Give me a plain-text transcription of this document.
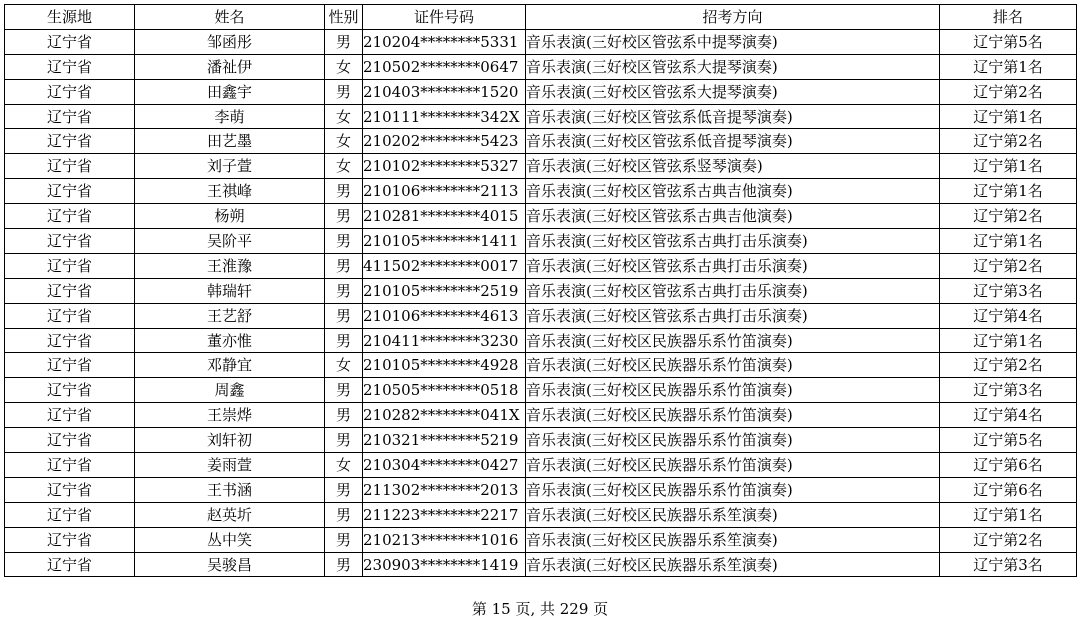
生源地	姓名	性别	证件号码	招考方向	排名
辽宁省	邹函彤	男	210204********5331	音乐表演(三好校区管弦系中提琴演奏)	辽宁第5名
辽宁省	潘祉伊	女	210502********0647	音乐表演(三好校区管弦系大提琴演奏)	辽宁第1名
辽宁省	田鑫宇	男	210403********1520	音乐表演(三好校区管弦系大提琴演奏)	辽宁第2名
辽宁省	李萌	女	210111********342X	音乐表演(三好校区管弦系低音提琴演奏)	辽宁第1名
辽宁省	田艺墨	女	210202********5423	音乐表演(三好校区管弦系低音提琴演奏)	辽宁第2名
辽宁省	刘子萱	女	210102********5327	音乐表演(三好校区管弦系竖琴演奏)	辽宁第1名
辽宁省	王祺峰	男	210106********2113	音乐表演(三好校区管弦系古典吉他演奏)	辽宁第1名
辽宁省	杨朔	男	210281********4015	音乐表演(三好校区管弦系古典吉他演奏)	辽宁第2名
辽宁省	吴阶平	男	210105********1411	音乐表演(三好校区管弦系古典打击乐演奏)	辽宁第1名
辽宁省	王淮豫	男	411502********0017	音乐表演(三好校区管弦系古典打击乐演奏)	辽宁第2名
辽宁省	韩瑞轩	男	210105********2519	音乐表演(三好校区管弦系古典打击乐演奏)	辽宁第3名
辽宁省	王艺舒	男	210106********4613	音乐表演(三好校区管弦系古典打击乐演奏)	辽宁第4名
辽宁省	董亦惟	男	210411********3230	音乐表演(三好校区民族器乐系竹笛演奏)	辽宁第1名
辽宁省	邓静宜	女	210105********4928	音乐表演(三好校区民族器乐系竹笛演奏)	辽宁第2名
辽宁省	周鑫	男	210505********0518	音乐表演(三好校区民族器乐系竹笛演奏)	辽宁第3名
辽宁省	王崇烨	男	210282********041X	音乐表演(三好校区民族器乐系竹笛演奏)	辽宁第4名
辽宁省	刘轩初	男	210321********5219	音乐表演(三好校区民族器乐系竹笛演奏)	辽宁第5名
辽宁省	姜雨萱	女	210304********0427	音乐表演(三好校区民族器乐系竹笛演奏)	辽宁第6名
辽宁省	王书涵	男	211302********2013	音乐表演(三好校区民族器乐系竹笛演奏)	辽宁第6名
辽宁省	赵英圻	男	211223********2217	音乐表演(三好校区民族器乐系笙演奏)	辽宁第1名
辽宁省	丛中笑	男	210213********1016	音乐表演(三好校区民族器乐系笙演奏)	辽宁第2名
辽宁省	吴骏昌	男	230903********1419	音乐表演(三好校区民族器乐系笙演奏)	辽宁第3名
第 15 页, 共 229 页
